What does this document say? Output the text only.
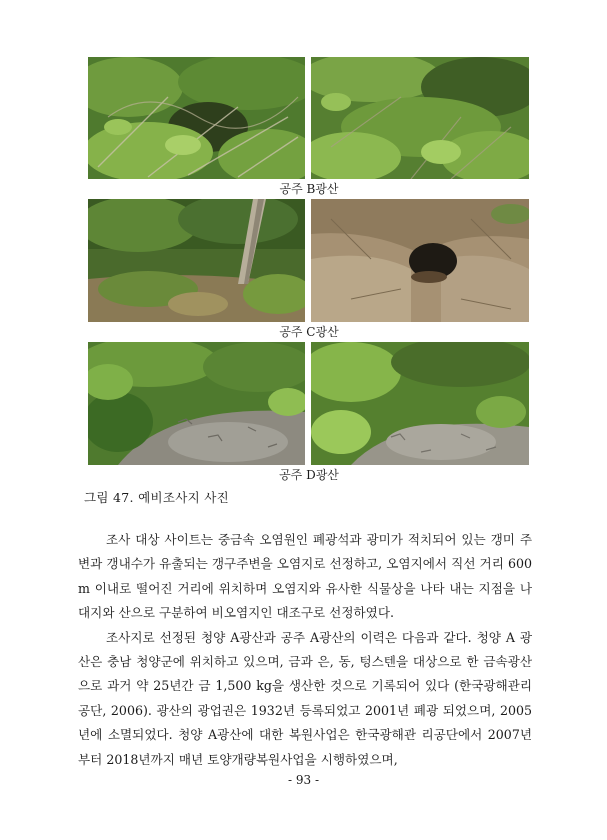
공주 B광산
공주 C광산
공주 D광산
그림 47. 예비조사지 사진

조사 대상 사이트는 중금속 오염원인 폐광석과 광미가 적치되어 있는 갱미 주변과 갱내수가 유출되는 갱구주변을 오염지로 선정하고, 오염지에서 직선 거리 600 m 이내로 떨어진 거리에 위치하며 오염지와 유사한 식물상을 나타 내는 지점을 나대지와 산으로 구분하여 비오염지인 대조구로 선정하였다.

조사지로 선정된 청양 A광산과 공주 A광산의 이력은 다음과 같다. 청양 A 광산은 충남 청양군에 위치하고 있으며, 금과 은, 동, 텅스텐을 대상으로 한 금속광산으로 과거 약 25년간 금 1,500 kg을 생산한 것으로 기록되어 있다 (한국광해관리공단, 2006). 광산의 광업권은 1932년 등록되었고 2001년 폐광 되었으며, 2005년에 소멸되었다. 청양 A광산에 대한 복원사업은 한국광해관 리공단에서 2007년부터 2018년까지 매년 토양개량복원사업을 시행하였으며,

- 93 -
